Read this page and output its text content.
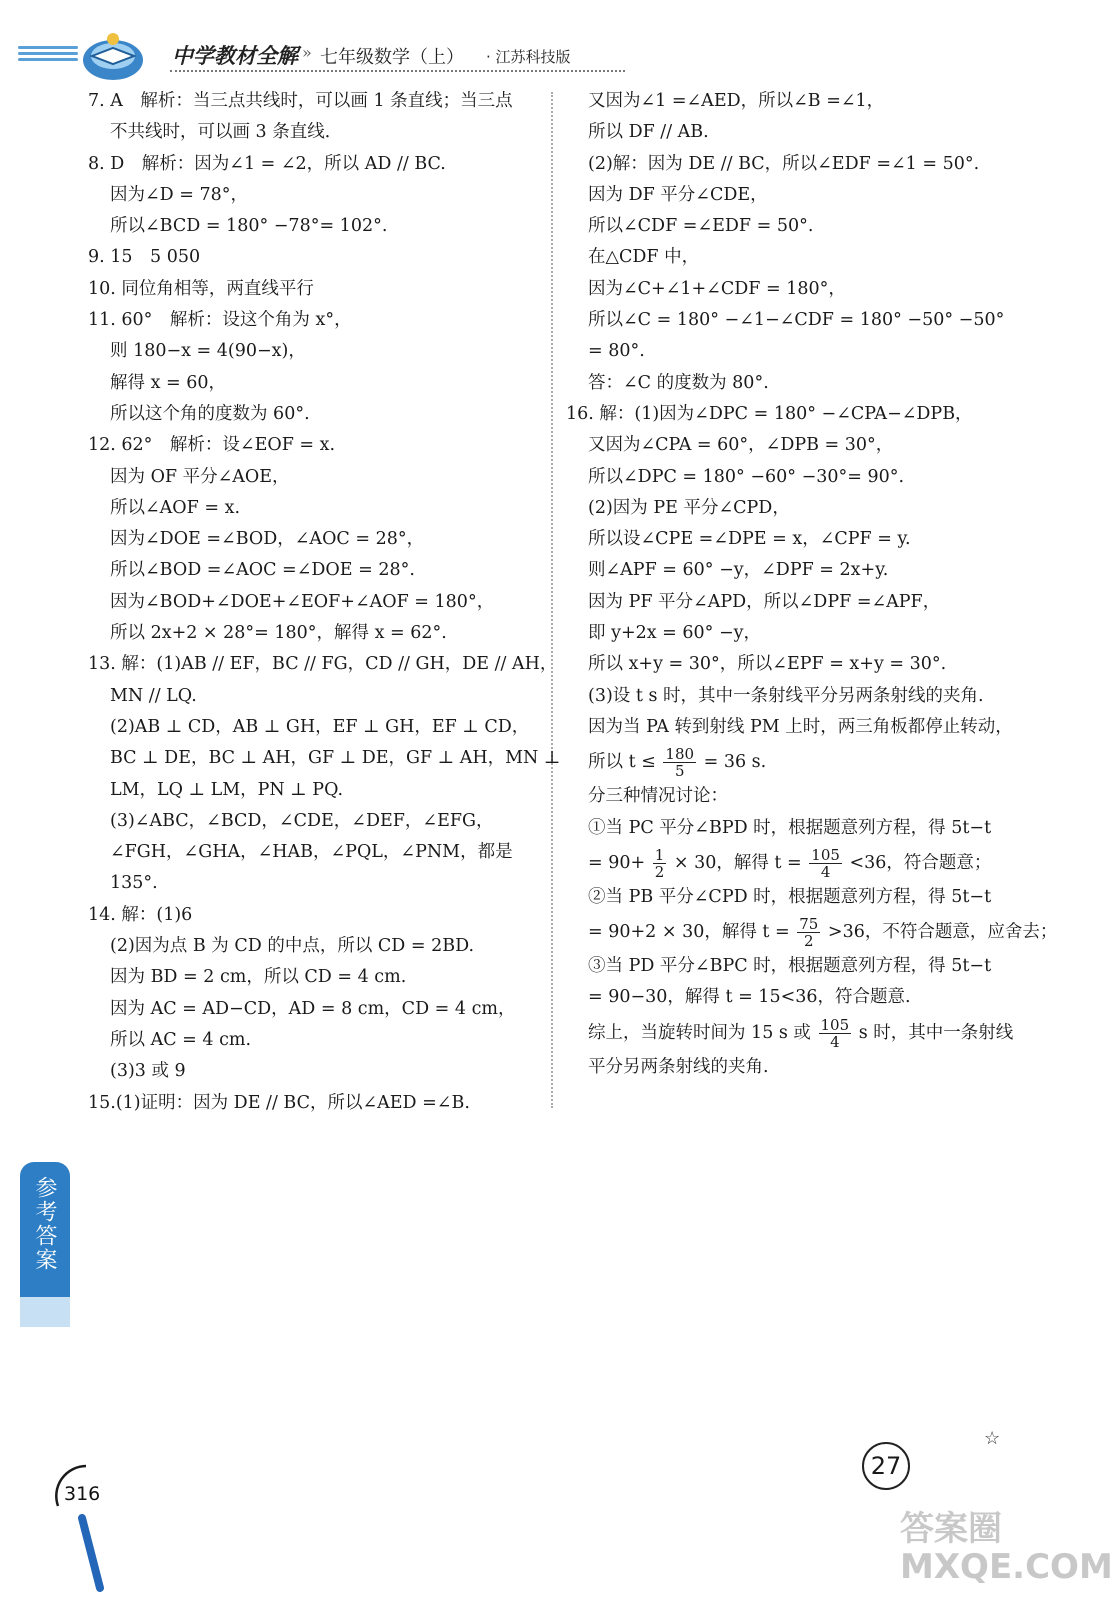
中学教材全解 » 七年级数学（上） · 江苏科技版
7. A　解析：当三点共线时，可以画 1 条直线；当三点
不共线时，可以画 3 条直线．
8. D　解析：因为∠1 = ∠2，所以 AD // BC.
因为∠D = 78°，
所以∠BCD = 180° −78°= 102°.
9. 15　5 050
10. 同位角相等，两直线平行
11. 60°　解析：设这个角为 x°，
则 180−x = 4(90−x)，
解得 x = 60，
所以这个角的度数为 60°.
12. 62°　解析：设∠EOF = x.
因为 OF 平分∠AOE，
所以∠AOF = x.
因为∠DOE =∠BOD，∠AOC = 28°，
所以∠BOD =∠AOC =∠DOE = 28°.
因为∠BOD+∠DOE+∠EOF+∠AOF = 180°，
所以 2x+2 × 28°= 180°，解得 x = 62°.
13. 解：(1)AB // EF，BC // FG，CD // GH，DE // AH，
MN // LQ.
(2)AB ⊥ CD，AB ⊥ GH，EF ⊥ GH，EF ⊥ CD，
BC ⊥ DE，BC ⊥ AH，GF ⊥ DE，GF ⊥ AH，MN ⊥
LM，LQ ⊥ LM，PN ⊥ PQ.
(3)∠ABC，∠BCD，∠CDE，∠DEF，∠EFG，
∠FGH，∠GHA，∠HAB，∠PQL，∠PNM，都是
135°.
14. 解：(1)6
(2)因为点 B 为 CD 的中点，所以 CD = 2BD.
因为 BD = 2 cm，所以 CD = 4 cm.
因为 AC = AD−CD，AD = 8 cm，CD = 4 cm，
所以 AC = 4 cm.
(3)3 或 9
15.(1)证明：因为 DE // BC，所以∠AED =∠B.
又因为∠1 =∠AED，所以∠B =∠1，
所以 DF // AB.
(2)解：因为 DE // BC，所以∠EDF =∠1 = 50°.
因为 DF 平分∠CDE，
所以∠CDF =∠EDF = 50°.
在△CDF 中，
因为∠C+∠1+∠CDF = 180°，
所以∠C = 180° −∠1−∠CDF = 180° −50° −50°
= 80°.
答：∠C 的度数为 80°.
16. 解：(1)因为∠DPC = 180° −∠CPA−∠DPB，
又因为∠CPA = 60°，∠DPB = 30°，
所以∠DPC = 180° −60° −30°= 90°.
(2)因为 PE 平分∠CPD，
所以设∠CPE =∠DPE = x，∠CPF = y.
则∠APF = 60° −y，∠DPF = 2x+y.
因为 PF 平分∠APD，所以∠DPF =∠APF，
即 y+2x = 60° −y，
所以 x+y = 30°，所以∠EPF = x+y = 30°.
(3)设 t s 时，其中一条射线平分另两条射线的夹角.
因为当 PA 转到射线 PM 上时，两三角板都停止转动，
所以 $t \le \frac{180}{5} = 36$ s.
分三种情况讨论：
①当 PC 平分∠BPD 时，根据题意列方程，得 5t−t
= $90+ \frac{1}{2} \times 30$，解得 $t = \frac{105}{4} <36$，符合题意；
②当 PB 平分∠CPD 时，根据题意列方程，得 5t−t
= 90+2 × 30，解得 $t = \frac{75}{2} >36$，不符合题意，应舍去；
③当 PD 平分∠BPC 时，根据题意列方程，得 5t−t
= 90−30，解得 t = 15<36，符合题意.
综上，当旋转时间为 15 s 或 $\frac{105}{4}$ s 时，其中一条射线
平分另两条射线的夹角.
参考答案
☆
27
316
答案圈 MXQE.COM
